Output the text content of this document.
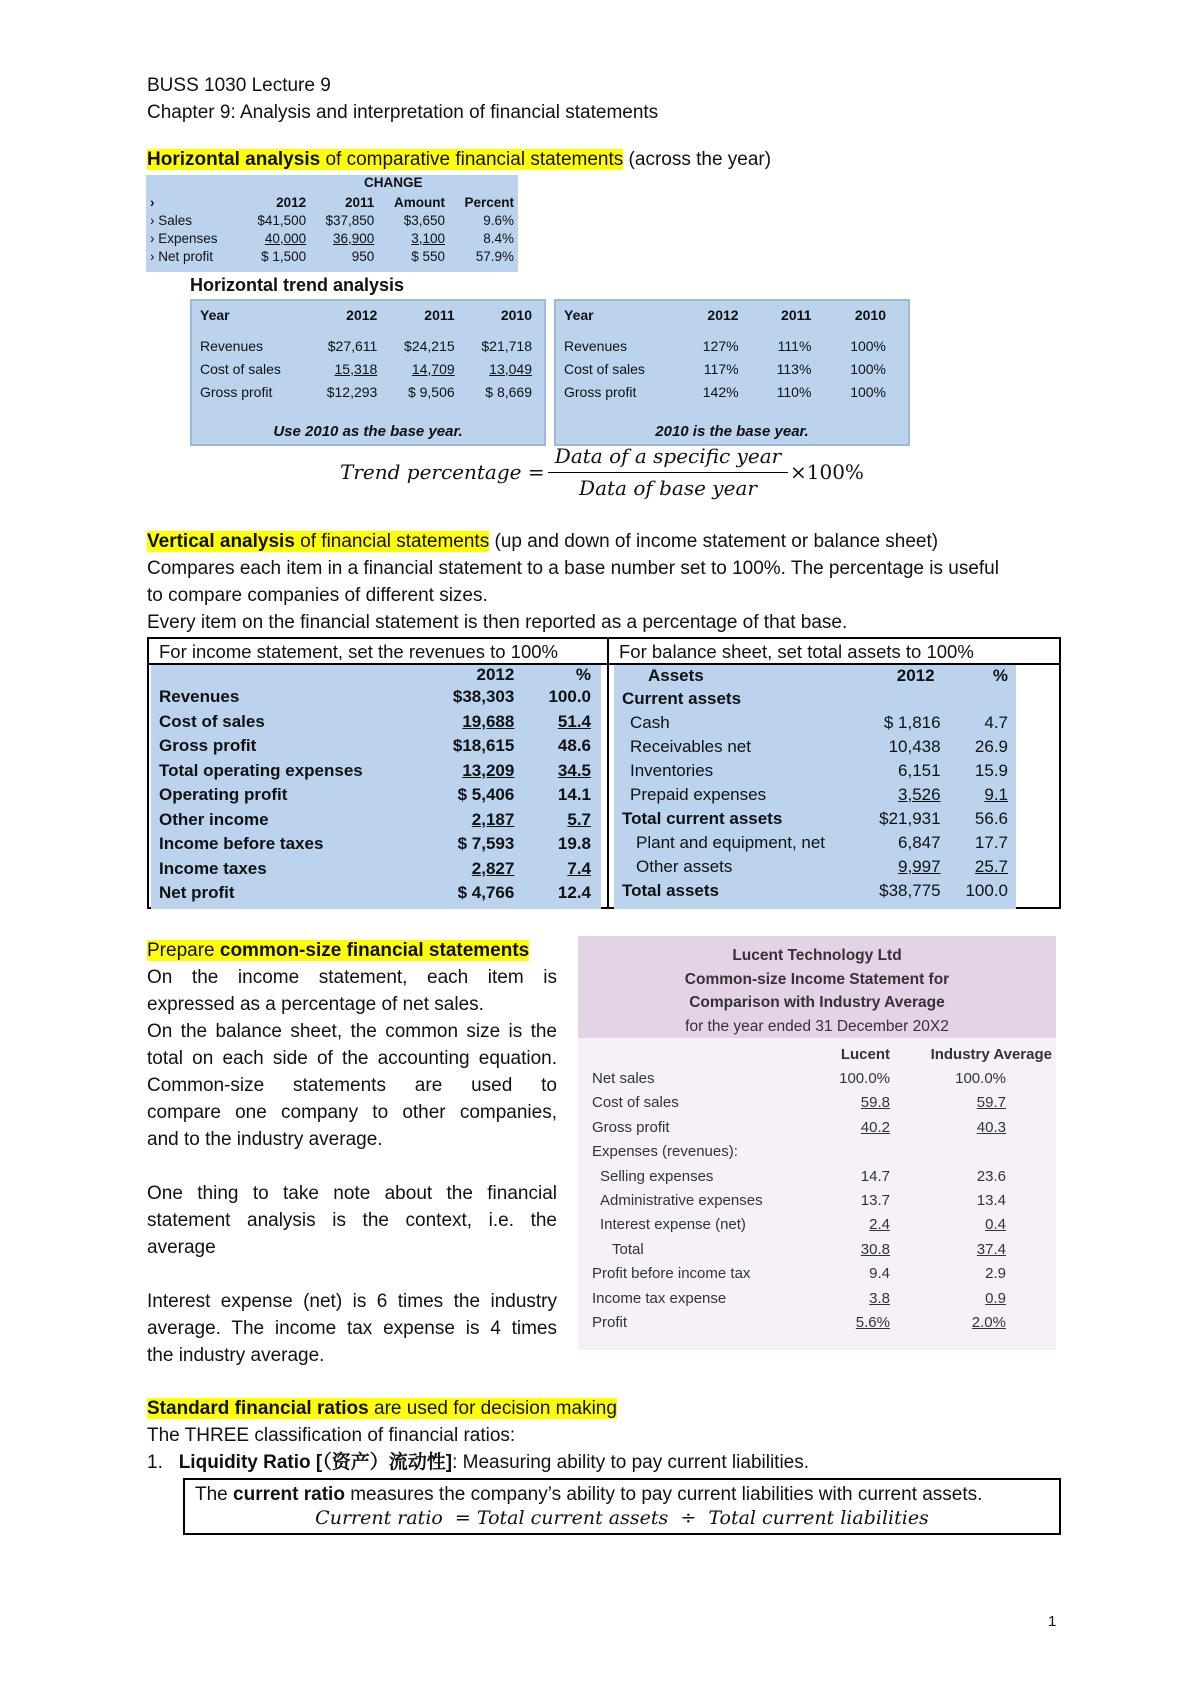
BUSS 1030 Lecture 9
Chapter 9: Analysis and interpretation of financial statements
Horizontal analysis of comparative financial statements (across the year)
CHANGE
›	2012	2011	Amount	Percent
› Sales	$41,500	$37,850	$3,650	9.6%
› Expenses	40,000	36,900	3,100	8.4%
› Net profit	$ 1,500	950	$ 550	57.9%
Horizontal trend analysis
Year	2012	2011	2010

Revenues	$27,611	$24,215	$21,718
Cost of sales	15,318	14,709	13,049
Gross profit	$12,293	$ 9,506	$ 8,669
Use 2010 as the base year.
Year	2012	2011	2010

Revenues	127%	111%	100%
Cost of sales	117%	113%	100%
Gross profit	142%	110%	100%
2010 is the base year.
Trend percentage =
Data of a specific year
Data of base year
×100%
Vertical analysis of financial statements (up and down of income statement or balance sheet)
Compares each item in a financial statement to a base number set to 100%. The percentage is useful
to compare companies of different sizes.
Every item on the financial statement is then reported as a percentage of that base.
For income statement, set the revenues to 100%	For balance sheet, set total assets to 100%
	2012	%
Revenues	$38,303	100.0
Cost of sales	19,688	51.4
Gross profit	$18,615	48.6
Total operating expenses	13,209	34.5
Operating profit	$ 5,406	14.1
Other income	2,187	5.7
Income before taxes	$ 7,593	19.8
Income taxes	2,827	7.4
Net profit	$ 4,766	12.4
Assets	2012	%
Current assets		
Cash	$ 1,816	4.7
Receivables net	10,438	26.9
Inventories	6,151	15.9
Prepaid expenses	3,526	9.1
Total current assets	$21,931	56.6
Plant and equipment, net	6,847	17.7
Other assets	9,997	25.7
Total assets	$38,775	100.0
Prepare common-size financial statements
On the income statement, each item is
expressed as a percentage of net sales.
On the balance sheet, the common size is the
total on each side of the accounting equation.
Common-size statements are used to
compare one company to other companies,
and to the industry average.
One thing to take note about the financial
statement analysis is the context, i.e. the
average
Interest expense (net) is 6 times the industry
average. The income tax expense is 4 times
the industry average.
Lucent Technology Ltd
Common-size Income Statement for
Comparison with Industry Average
for the year ended 31 December 20X2
	Lucent	Industry Average
Net sales	100.0%	100.0%
Cost of sales	59.8	59.7
Gross profit	40.2	40.3
Expenses (revenues):		
Selling expenses	14.7	23.6
Administrative expenses	13.7	13.4
Interest expense (net)	2.4	0.4
Total	30.8	37.4
Profit before income tax	9.4	2.9
Income tax expense	3.8	0.9
Profit	5.6%	2.0%
Standard financial ratios are used for decision making
The THREE classification of financial ratios:
1. Liquidity Ratio [（资产）流动性]: Measuring ability to pay current liabilities.
The current ratio measures the company’s ability to pay current liabilities with current assets.
Current ratio  = Total current assets  ÷  Total current liabilities
1
